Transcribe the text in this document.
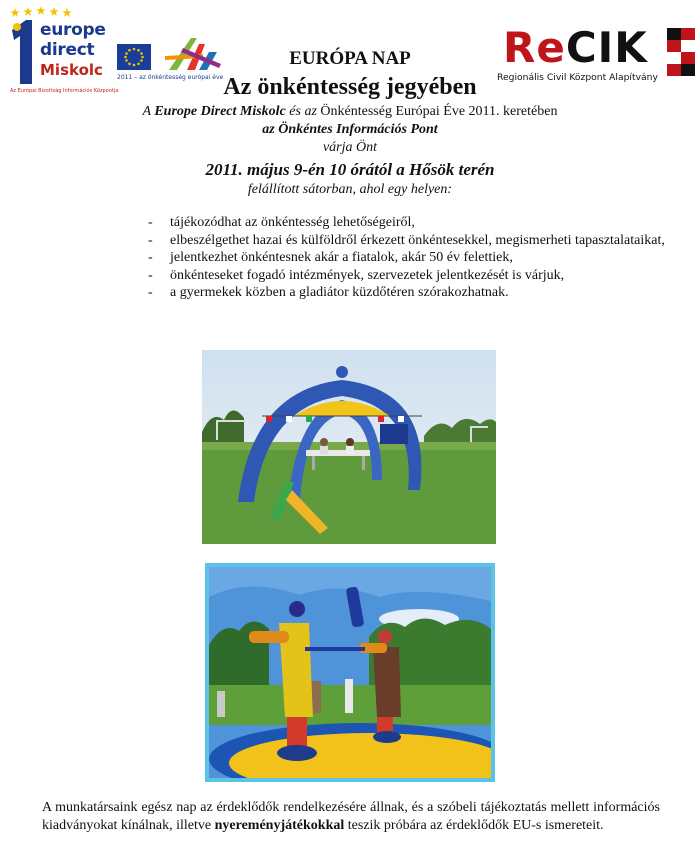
europe
direct
Miskolc
Az Európai Bizottság Információs Központja
2011 – az önkéntesség európai éve
ReCIK
Regionális Civil Központ Alapítvány
EURÓPA NAP
Az önkéntesség jegyében
A Europe Direct Miskolc és az Önkéntesség Európai Éve 2011. keretében
az Önkéntes Információs Pont
várja Önt
2011. május 9-én 10 órától a Hősök terén
felállított sátorban, ahol egy helyen:
- tájékozódhat az önkéntesség lehetőségeiről,
- elbeszélgethet hazai és külföldről érkezett önkéntesekkel, megismerheti tapasztalataikat,
- jelentkezhet önkéntesnek akár a fiatalok, akár 50 év felettiek,
- önkénteseket fogadó intézmények, szervezetek jelentkezését is várjuk,
- a gyermekek közben a gladiátor küzdőtéren szórakozhatnak.
A munkatársaink egész nap az érdeklődők rendelkezésére állnak, és a szóbeli tájékoztatás mellett információs kiadványokat kínálnak, illetve nyereményjátékokkal teszik próbára az érdeklődők EU-s ismereteit.
